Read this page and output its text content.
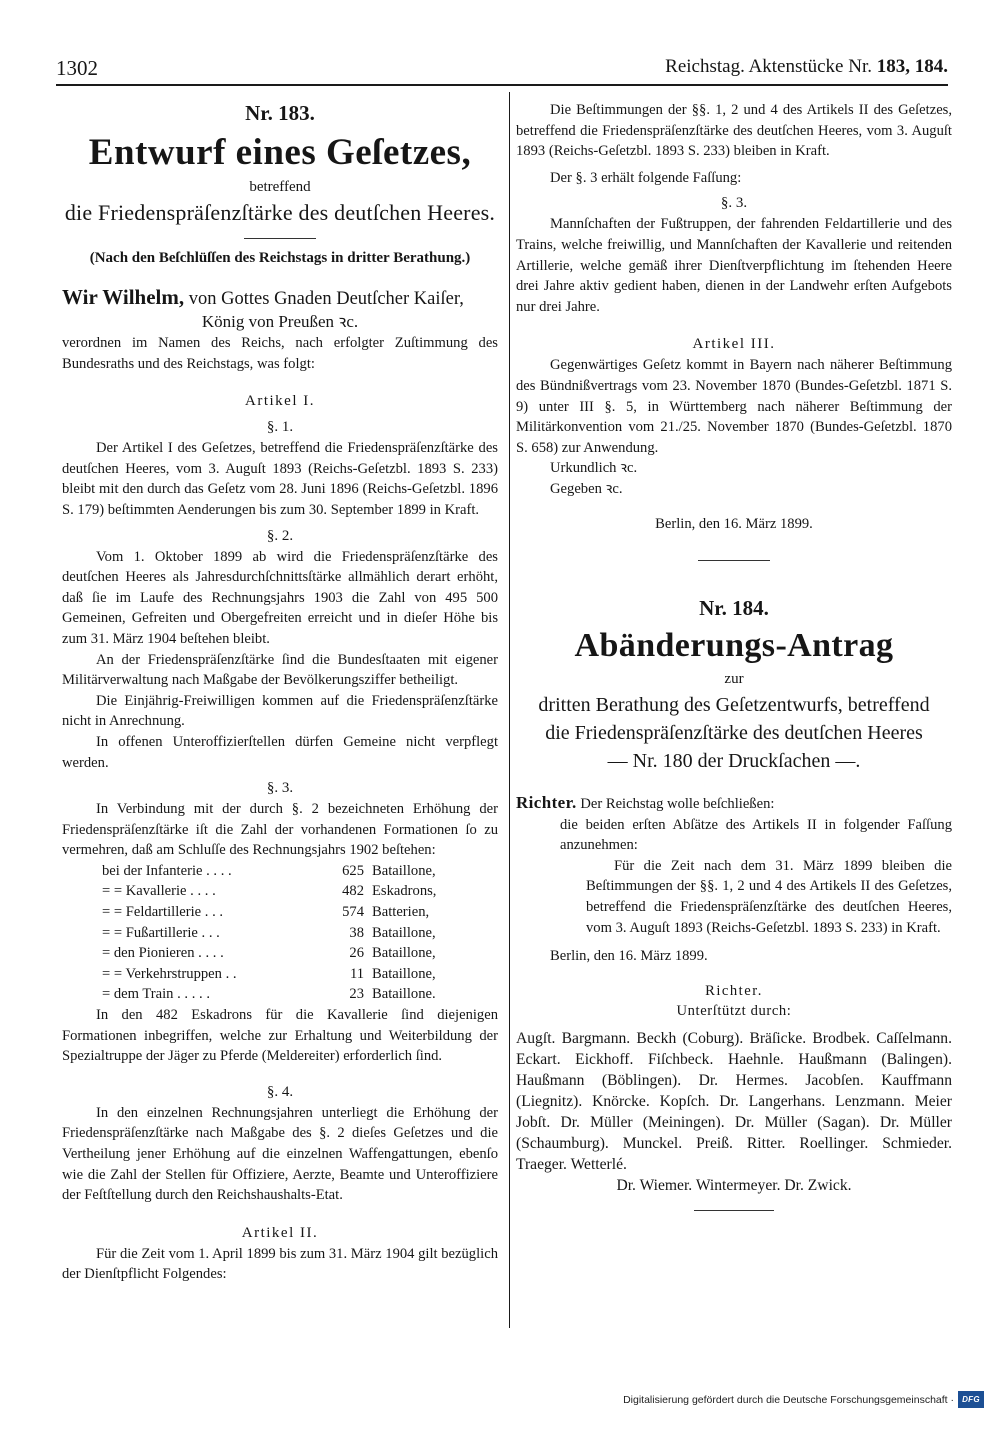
1302	Reichstag. Aktenstücke Nr. 183, 184.

Nr. 183.

Entwurf eines Geſetzes,

betreffend

die Friedenspräſenzſtärke des deutſchen Heeres.

(Nach den Beſchlüſſen des Reichstags in dritter Berathung.)

Wir Wilhelm, von Gottes Gnaden Deutſcher Kaiſer,

König von Preußen ꝛc.

verordnen im Namen des Reichs, nach erfolgter Zuſtimmung des Bundesraths und des Reichstags, was folgt:

Artikel I.

§. 1.

Der Artikel I des Geſetzes, betreffend die Friedenspräſenzſtärke des deutſchen Heeres, vom 3. Auguſt 1893 (Reichs-Geſetzbl. 1893 S. 233) bleibt mit den durch das Geſetz vom 28. Juni 1896 (Reichs-Geſetzbl. 1896 S. 179) beſtimmten Aenderungen bis zum 30. September 1899 in Kraft.

§. 2.

Vom 1. Oktober 1899 ab wird die Friedenspräſenzſtärke des deutſchen Heeres als Jahresdurchſchnittsſtärke allmählich derart erhöht, daß ſie im Laufe des Rechnungsjahrs 1903 die Zahl von 495 500 Gemeinen, Gefreiten und Obergefreiten erreicht und in dieſer Höhe bis zum 31. März 1904 beſtehen bleibt.

An der Friedenspräſenzſtärke ſind die Bundesſtaaten mit eigener Militärverwaltung nach Maßgabe der Bevölkerungsziffer betheiligt.

Die Einjährig-Freiwilligen kommen auf die Friedenspräſenzſtärke nicht in Anrechnung.

In offenen Unteroffizierſtellen dürfen Gemeine nicht verpflegt werden.

§. 3.

In Verbindung mit der durch §. 2 bezeichneten Erhöhung der Friedenspräſenzſtärke iſt die Zahl der vorhandenen Formationen ſo zu vermehren, daß am Schluſſe des Rechnungsjahrs 1902 beſtehen:

bei der Infanterie . . . .	625	Bataillone,
= = Kavallerie . . . .	482	Eskadrons,
= = Feldartillerie . . .	574	Batterien,
= = Fußartillerie . . .	38	Bataillone,
= den Pionieren . . . .	26	Bataillone,
= = Verkehrstruppen . .	11	Bataillone,
= dem Train . . . . .	23	Bataillone.

In den 482 Eskadrons für die Kavallerie ſind diejenigen Formationen inbegriffen, welche zur Erhaltung und Weiterbildung der Spezialtruppe der Jäger zu Pferde (Meldereiter) erforderlich ſind.

§. 4.

In den einzelnen Rechnungsjahren unterliegt die Erhöhung der Friedenspräſenzſtärke nach Maßgabe des §. 2 dieſes Geſetzes und die Vertheilung jener Erhöhung auf die einzelnen Waffengattungen, ebenſo wie die Zahl der Stellen für Offiziere, Aerzte, Beamte und Unteroffiziere der Feſtſtellung durch den Reichshaushalts-Etat.

Artikel II.

Für die Zeit vom 1. April 1899 bis zum 31. März 1904 gilt bezüglich der Dienſtpflicht Folgendes:

Die Beſtimmungen der §§. 1, 2 und 4 des Artikels II des Geſetzes, betreffend die Friedenspräſenzſtärke des deutſchen Heeres, vom 3. Auguſt 1893 (Reichs-Geſetzbl. 1893 S. 233) bleiben in Kraft.

Der §. 3 erhält folgende Faſſung:

§. 3.

Mannſchaften der Fußtruppen, der fahrenden Feldartillerie und des Trains, welche freiwillig, und Mannſchaften der Kavallerie und reitenden Artillerie, welche gemäß ihrer Dienſtverpflichtung im ſtehenden Heere drei Jahre aktiv gedient haben, dienen in der Landwehr erſten Aufgebots nur drei Jahre.

Artikel III.

Gegenwärtiges Geſetz kommt in Bayern nach näherer Beſtimmung des Bündnißvertrags vom 23. November 1870 (Bundes-Geſetzbl. 1871 S. 9) unter III §. 5, in Württemberg nach näherer Beſtimmung der Militärkonvention vom 21./25. November 1870 (Bundes-Geſetzbl. 1870 S. 658) zur Anwendung.

Urkundlich ꝛc.

Gegeben ꝛc.

Berlin, den 16. März 1899.

Nr. 184.

Abänderungs-Antrag

zur

dritten Berathung des Geſetzentwurfs, betreffend

die Friedenspräſenzſtärke des deutſchen Heeres

— Nr. 180 der Druckſachen —.

Richter. Der Reichstag wolle beſchließen:

die beiden erſten Abſätze des Artikels II in folgender Faſſung anzunehmen:

Für die Zeit nach dem 31. März 1899 bleiben die Beſtimmungen der §§. 1, 2 und 4 des Artikels II des Geſetzes, betreffend die Friedenspräſenzſtärke des deutſchen Heeres, vom 3. Auguſt 1893 (Reichs-Geſetzbl. 1893 S. 233) in Kraft.

Berlin, den 16. März 1899.

Richter.

Unterſtützt durch:

Augſt. Bargmann. Beckh (Coburg). Bräſicke. Brodbek. Caſſelmann. Eckart. Eickhoff. Fiſchbeck. Haehnle. Haußmann (Balingen). Haußmann (Böblingen). Dr. Hermes. Jacobſen. Kauffmann (Liegnitz). Knörcke. Kopſch. Dr. Langerhans. Lenzmann. Meier Jobſt. Dr. Müller (Meiningen). Dr. Müller (Sagan). Dr. Müller (Schaumburg). Munckel. Preiß. Ritter. Roellinger. Schmieder. Traeger. Wetterlé.

Dr. Wiemer. Wintermeyer. Dr. Zwick.

Digitalisierung gefördert durch die Deutsche Forschungsgemeinschaft ·	DFG
